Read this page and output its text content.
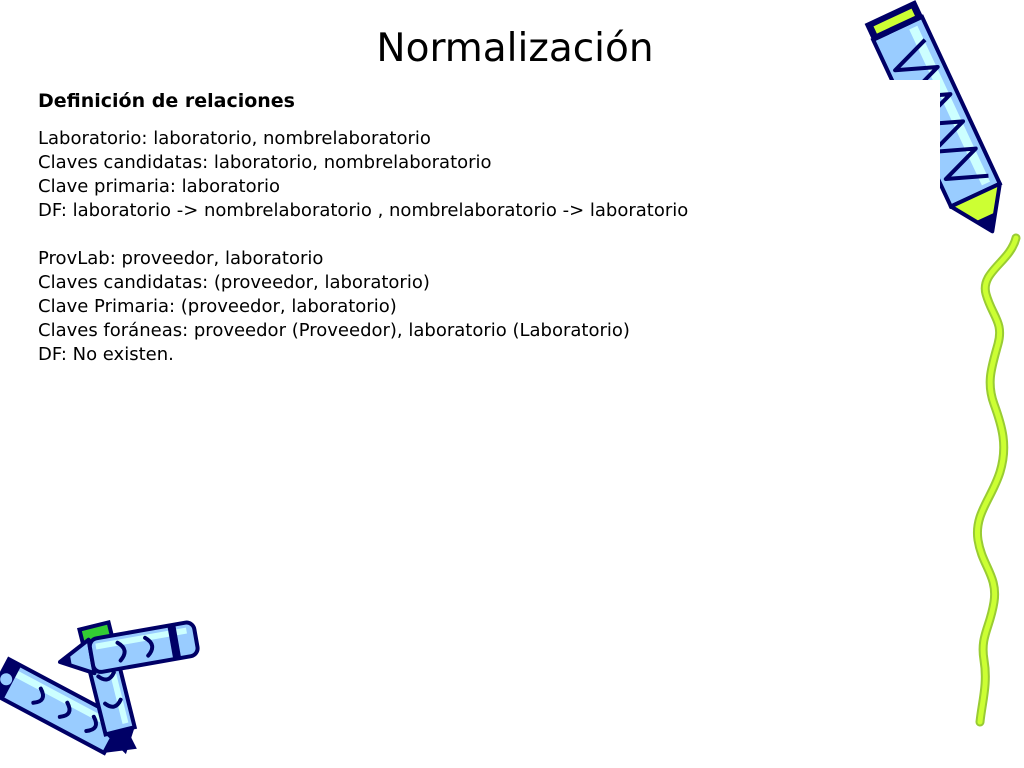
Normalización
Definición de relaciones
Laboratorio: laboratorio, nombrelaboratorio
Claves candidatas: laboratorio, nombrelaboratorio
Clave primaria: laboratorio
DF: laboratorio -> nombrelaboratorio , nombrelaboratorio -> laboratorio
ProvLab: proveedor, laboratorio
Claves candidatas: (proveedor, laboratorio)
Clave Primaria: (proveedor, laboratorio)
Claves foráneas: proveedor (Proveedor), laboratorio (Laboratorio)
DF: No existen.
